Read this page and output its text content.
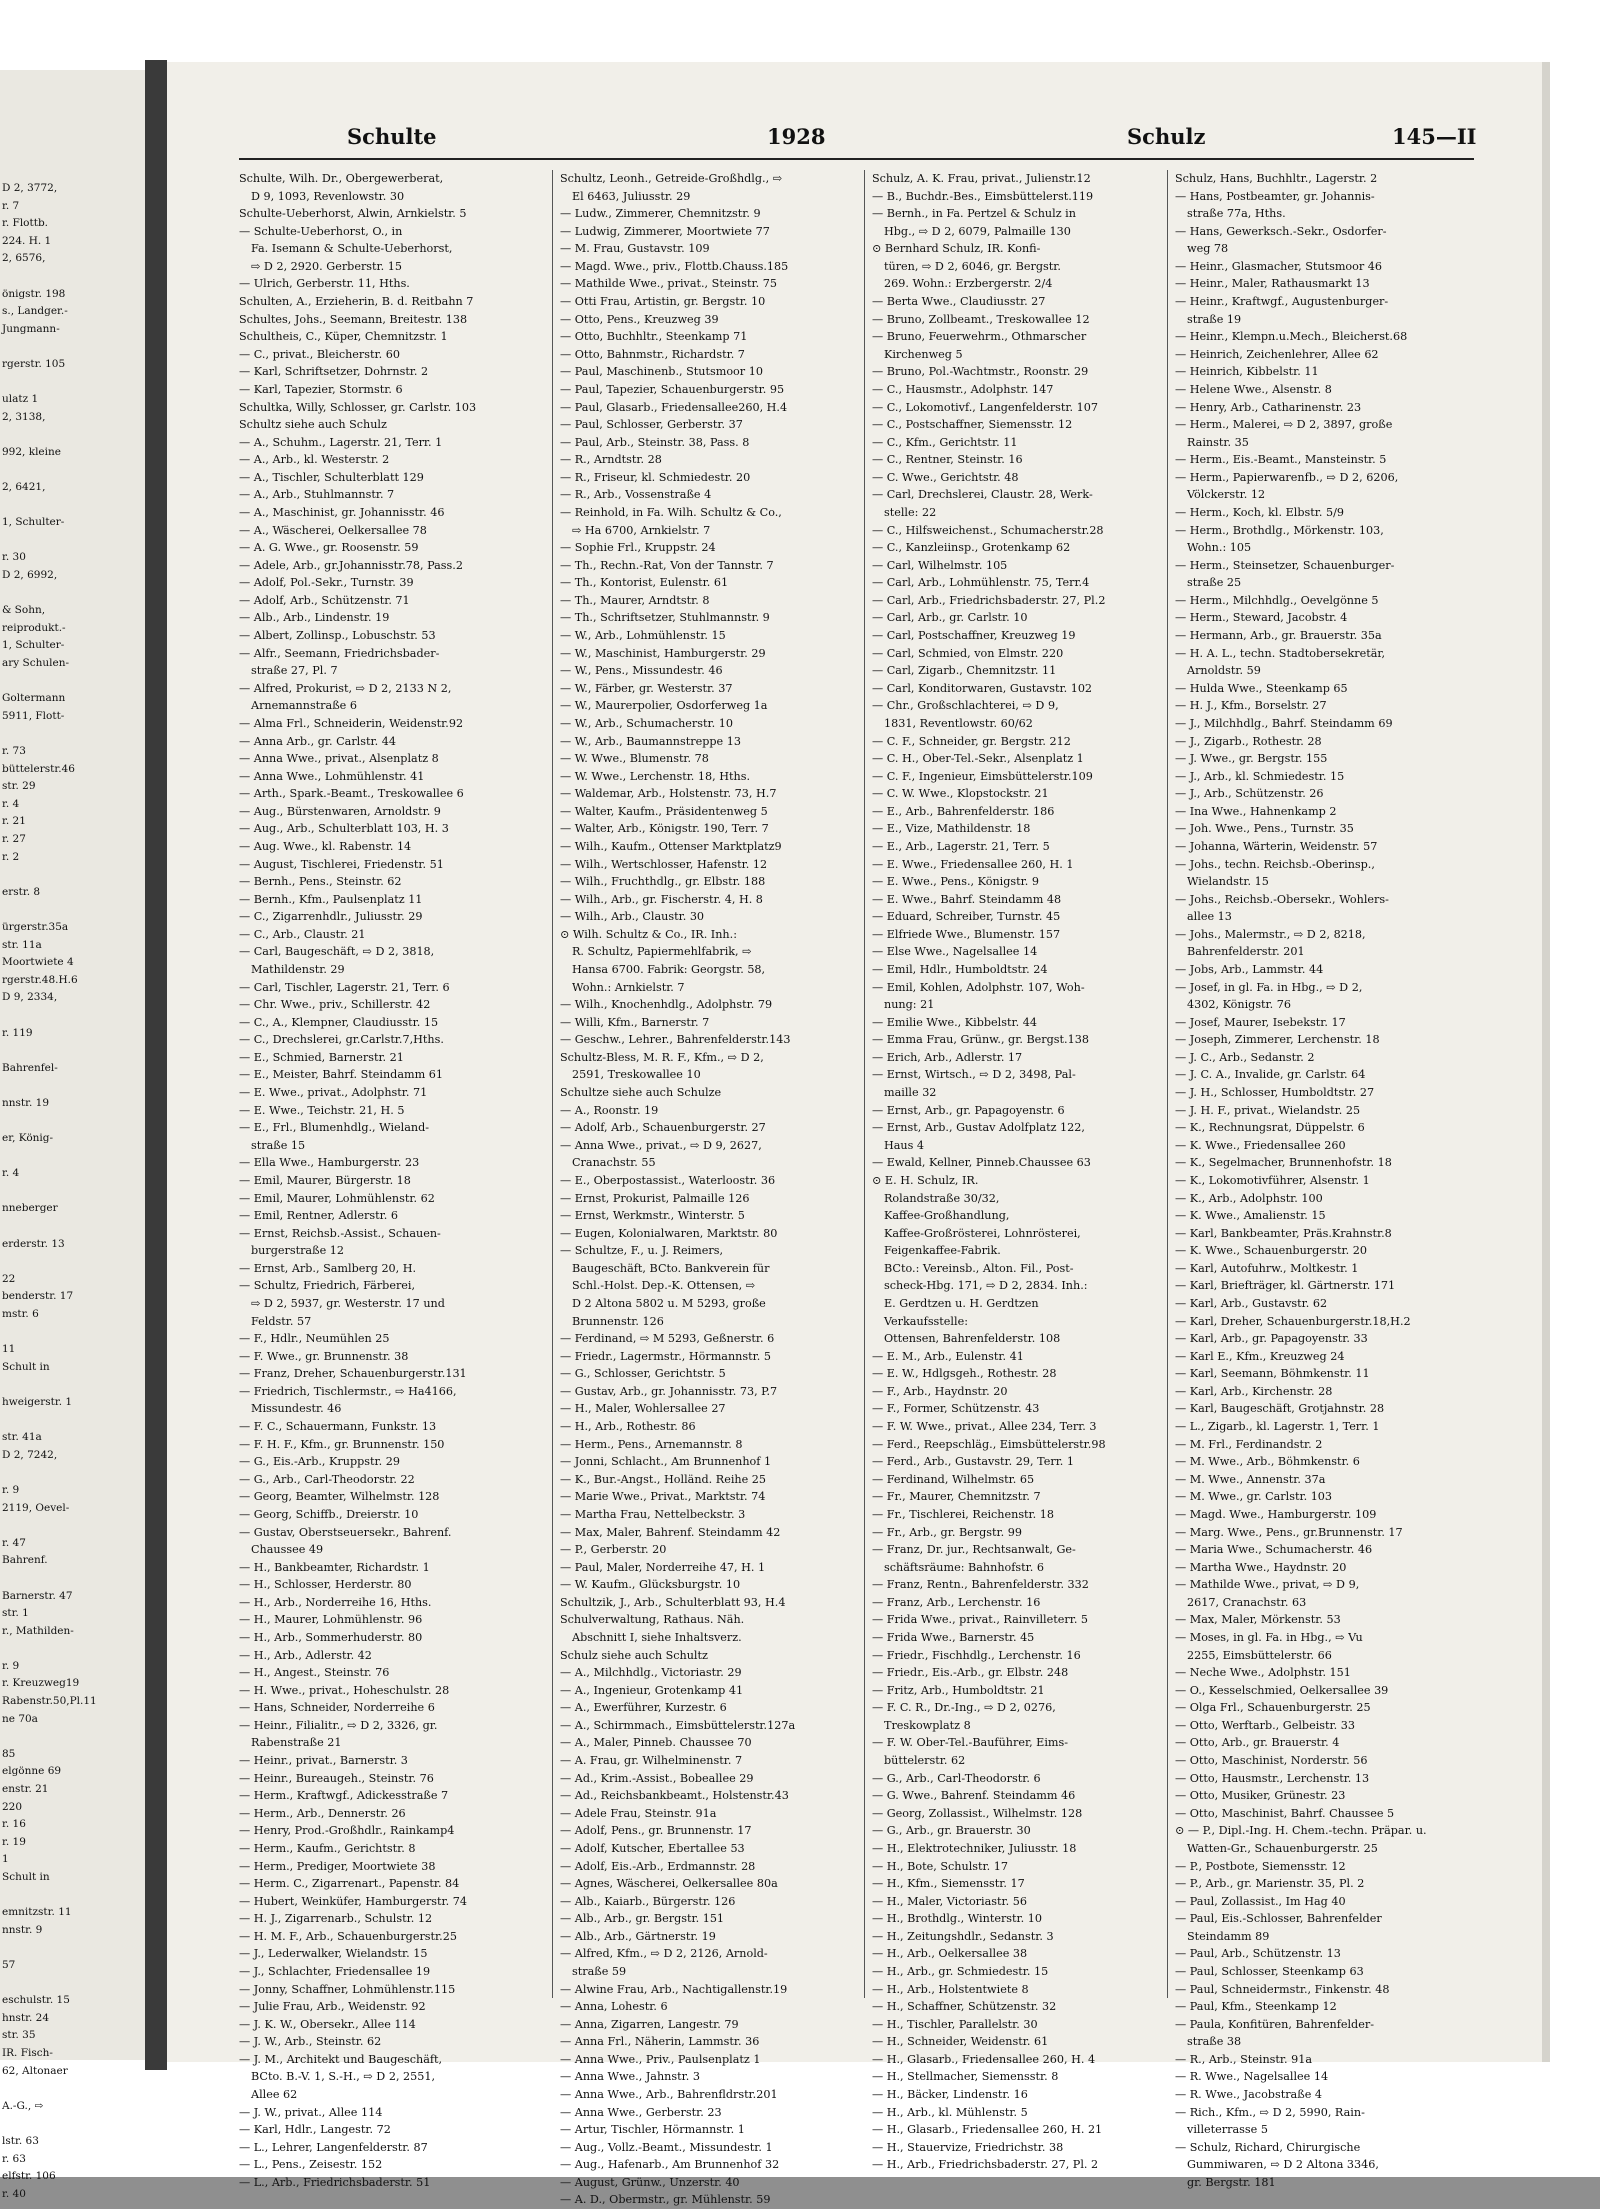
D 2, 3772,
r. 7
r. Flottb.
224. H. 1
2, 6576,
önigstr. 198
s., Landger.-
Jungmann-
rgerstr. 105
ulatz 1
2, 3138,
992, kleine
2, 6421,
1, Schulter-
r. 30
D 2, 6992,
& Sohn,
reiprodukt.-
1, Schulter-
ary Schulen-
Goltermann
5911, Flott-
r. 73
büttelerstr.46
str. 29
r. 4
r. 21
r. 27
r. 2
erstr. 8
ürgerstr.35a
str. 11a
Moortwiete 4
rgerstr.48.H.6
D 9, 2334,
r. 119
Bahrenfel-
nnstr. 19
er, König-
r. 4
nneberger
erderstr. 13
22
benderstr. 17
mstr. 6
11
Schult in
hweigerstr. 1
str. 41a
D 2, 7242,
r. 9
2119, Oevel-
r. 47
Bahrenf.
Barnerstr. 47
str. 1
r., Mathilden-
r. 9
r. Kreuzweg19
Rabenstr.50,Pl.11
ne 70a
85
elgönne 69
enstr. 21
220
r. 16
r. 19
1
Schult in
emnitzstr. 11
nnstr. 9
57
eschulstr. 15
hnstr. 24
str. 35
IR. Fisch-
62, Altonaer
A.-G., ⇨
lstr. 63
r. 63
elfstr. 106
r. 40
Schulte	1928	Schulz	145—II
Schulte, Wilh. Dr., Obergewerberat,
D 9, 1093, Revenlowstr. 30
Schulte-Ueberhorst, Alwin, Arnkielstr. 5
— Schulte-Ueberhorst, O., in
Fa. Isemann & Schulte-Ueberhorst,
⇨ D 2, 2920. Gerberstr. 15
— Ulrich, Gerberstr. 11, Hths.
Schulten, A., Erzieherin, B. d. Reitbahn 7
Schultes, Johs., Seemann, Breitestr. 138
Schultheis, C., Küper, Chemnitzstr. 1
— C., privat., Bleicherstr. 60
— Karl, Schriftsetzer, Dohrnstr. 2
— Karl, Tapezier, Stormstr. 6
Schultka, Willy, Schlosser, gr. Carlstr. 103
Schultz siehe auch Schulz
— A., Schuhm., Lagerstr. 21, Terr. 1
— A., Arb., kl. Westerstr. 2
— A., Tischler, Schulterblatt 129
— A., Arb., Stuhlmannstr. 7
— A., Maschinist, gr. Johannisstr. 46
— A., Wäscherei, Oelkersallee 78
— A. G. Wwe., gr. Roosenstr. 59
— Adele, Arb., gr.Johannisstr.78, Pass.2
— Adolf, Pol.-Sekr., Turnstr. 39
— Adolf, Arb., Schützenstr. 71
— Alb., Arb., Lindenstr. 19
— Albert, Zollinsp., Lobuschstr. 53
— Alfr., Seemann, Friedrichsbader-
straße 27, Pl. 7
— Alfred, Prokurist, ⇨ D 2, 2133 N 2,
Arnemannstraße 6
— Alma Frl., Schneiderin, Weidenstr.92
— Anna Arb., gr. Carlstr. 44
— Anna Wwe., privat., Alsenplatz 8
— Anna Wwe., Lohmühlenstr. 41
— Arth., Spark.-Beamt., Treskowallee 6
— Aug., Bürstenwaren, Arnoldstr. 9
— Aug., Arb., Schulterblatt 103, H. 3
— Aug. Wwe., kl. Rabenstr. 14
— August, Tischlerei, Friedenstr. 51
— Bernh., Pens., Steinstr. 62
— Bernh., Kfm., Paulsenplatz 11
— C., Zigarrenhdlr., Juliusstr. 29
— C., Arb., Claustr. 21
— Carl, Baugeschäft, ⇨ D 2, 3818,
Mathildenstr. 29
— Carl, Tischler, Lagerstr. 21, Terr. 6
— Chr. Wwe., priv., Schillerstr. 42
— C., A., Klempner, Claudiusstr. 15
— C., Drechslerei, gr.Carlstr.7,Hths.
— E., Schmied, Barnerstr. 21
— E., Meister, Bahrf. Steindamm 61
— E. Wwe., privat., Adolphstr. 71
— E. Wwe., Teichstr. 21, H. 5
— E., Frl., Blumenhdlg., Wieland-
straße 15
— Ella Wwe., Hamburgerstr. 23
— Emil, Maurer, Bürgerstr. 18
— Emil, Maurer, Lohmühlenstr. 62
— Emil, Rentner, Adlerstr. 6
— Ernst, Reichsb.-Assist., Schauen-
burgerstraße 12
— Ernst, Arb., Samlberg 20, H.
— Schultz, Friedrich, Färberei,
⇨ D 2, 5937, gr. Westerstr. 17 und
Feldstr. 57
— F., Hdlr., Neumühlen 25
— F. Wwe., gr. Brunnenstr. 38
— Franz, Dreher, Schauenburgerstr.131
— Friedrich, Tischlermstr., ⇨ Ha4166,
Missundestr. 46
— F. C., Schauermann, Funkstr. 13
— F. H. F., Kfm., gr. Brunnenstr. 150
— G., Eis.-Arb., Kruppstr. 29
— G., Arb., Carl-Theodorstr. 22
— Georg, Beamter, Wilhelmstr. 128
— Georg, Schiffb., Dreierstr. 10
— Gustav, Oberstseuersekr., Bahrenf.
Chaussee 49
— H., Bankbeamter, Richardstr. 1
— H., Schlosser, Herderstr. 80
— H., Arb., Norderreihe 16, Hths.
— H., Maurer, Lohmühlenstr. 96
— H., Arb., Sommerhuderstr. 80
— H., Arb., Adlerstr. 42
— H., Angest., Steinstr. 76
— H. Wwe., privat., Hoheschulstr. 28
— Hans, Schneider, Norderreihe 6
— Heinr., Filialitr., ⇨ D 2, 3326, gr.
Rabenstraße 21
— Heinr., privat., Barnerstr. 3
— Heinr., Bureaugeh., Steinstr. 76
— Herm., Kraftwgf., Adickesstraße 7
— Herm., Arb., Dennerstr. 26
— Henry, Prod.-Großhdlr., Rainkamp4
— Herm., Kaufm., Gerichtstr. 8
— Herm., Prediger, Moortwiete 38
— Herm. C., Zigarrenart., Papenstr. 84
— Hubert, Weinküfer, Hamburgerstr. 74
— H. J., Zigarrenarb., Schulstr. 12
— H. M. F., Arb., Schauenburgerstr.25
— J., Lederwalker, Wielandstr. 15
— J., Schlachter, Friedensallee 19
— Jonny, Schaffner, Lohmühlenstr.115
— Julie Frau, Arb., Weidenstr. 92
— J. K. W., Obersekr., Allee 114
— J. W., Arb., Steinstr. 62
— J. M., Architekt und Baugeschäft,
BCto. B.-V. 1, S.-H., ⇨ D 2, 2551,
Allee 62
— J. W., privat., Allee 114
— Karl, Hdlr., Langestr. 72
— L., Lehrer, Langenfelderstr. 87
— L., Pens., Zeisestr. 152
— L., Arb., Friedrichsbaderstr. 51
Schultz, Leonh., Getreide-Großhdlg., ⇨
El 6463, Juliusstr. 29
— Ludw., Zimmerer, Chemnitzstr. 9
— Ludwig, Zimmerer, Moortwiete 77
— M. Frau, Gustavstr. 109
— Magd. Wwe., priv., Flottb.Chauss.185
— Mathilde Wwe., privat., Steinstr. 75
— Otti Frau, Artistin, gr. Bergstr. 10
— Otto, Pens., Kreuzweg 39
— Otto, Buchhltr., Steenkamp 71
— Otto, Bahnmstr., Richardstr. 7
— Paul, Maschinenb., Stutsmoor 10
— Paul, Tapezier, Schauenburgerstr. 95
— Paul, Glasarb., Friedensallee260, H.4
— Paul, Schlosser, Gerberstr. 37
— Paul, Arb., Steinstr. 38, Pass. 8
— R., Arndtstr. 28
— R., Friseur, kl. Schmiedestr. 20
— R., Arb., Vossenstraße 4
— Reinhold, in Fa. Wilh. Schultz & Co.,
⇨ Ha 6700, Arnkielstr. 7
— Sophie Frl., Kruppstr. 24
— Th., Rechn.-Rat, Von der Tannstr. 7
— Th., Kontorist, Eulenstr. 61
— Th., Maurer, Arndtstr. 8
— Th., Schriftsetzer, Stuhlmannstr. 9
— W., Arb., Lohmühlenstr. 15
— W., Maschinist, Hamburgerstr. 29
— W., Pens., Missundestr. 46
— W., Färber, gr. Westerstr. 37
— W., Maurerpolier, Osdorferweg 1a
— W., Arb., Schumacherstr. 10
— W., Arb., Baumannstreppe 13
— W. Wwe., Blumenstr. 78
— W. Wwe., Lerchenstr. 18, Hths.
— Waldemar, Arb., Holstenstr. 73, H.7
— Walter, Kaufm., Präsidentenweg 5
— Walter, Arb., Königstr. 190, Terr. 7
— Wilh., Kaufm., Ottenser Marktplatz9
— Wilh., Wertschlosser, Hafenstr. 12
— Wilh., Fruchthdlg., gr. Elbstr. 188
— Wilh., Arb., gr. Fischerstr. 4, H. 8
— Wilh., Arb., Claustr. 30
⊙ Wilh. Schultz & Co., IR. Inh.:
R. Schultz, Papiermehlfabrik, ⇨
Hansa 6700. Fabrik: Georgstr. 58,
Wohn.: Arnkielstr. 7
— Wilh., Knochenhdlg., Adolphstr. 79
— Willi, Kfm., Barnerstr. 7
— Geschw., Lehrer., Bahrenfelderstr.143
Schultz-Bless, M. R. F., Kfm., ⇨ D 2,
2591, Treskowallee 10
Schultze siehe auch Schulze
— A., Roonstr. 19
— Adolf, Arb., Schauenburgerstr. 27
— Anna Wwe., privat., ⇨ D 9, 2627,
Cranachstr. 55
— E., Oberpostassist., Waterloostr. 36
— Ernst, Prokurist, Palmaille 126
— Ernst, Werkmstr., Winterstr. 5
— Eugen, Kolonialwaren, Marktstr. 80
— Schultze, F., u. J. Reimers,
Baugeschäft, BCto. Bankverein für
Schl.-Holst. Dep.-K. Ottensen, ⇨
D 2 Altona 5802 u. M 5293, große
Brunnenstr. 126
— Ferdinand, ⇨ M 5293, Geßnerstr. 6
— Friedr., Lagermstr., Hörmannstr. 5
— G., Schlosser, Gerichtstr. 5
— Gustav, Arb., gr. Johannisstr. 73, P.7
— H., Maler, Wohlersallee 27
— H., Arb., Rothestr. 86
— Herm., Pens., Arnemannstr. 8
— Jonni, Schlacht., Am Brunnenhof 1
— K., Bur.-Angst., Holländ. Reihe 25
— Marie Wwe., Privat., Marktstr. 74
— Martha Frau, Nettelbeckstr. 3
— Max, Maler, Bahrenf. Steindamm 42
— P., Gerberstr. 20
— Paul, Maler, Norderreihe 47, H. 1
— W. Kaufm., Glücksburgstr. 10
Schultzik, J., Arb., Schulterblatt 93, H.4
Schulverwaltung, Rathaus. Näh.
Abschnitt I, siehe Inhaltsverz.
Schulz siehe auch Schultz
— A., Milchhdlg., Victoriastr. 29
— A., Ingenieur, Grotenkamp 41
— A., Ewerführer, Kurzestr. 6
— A., Schirmmach., Eimsbüttelerstr.127a
— A., Maler, Pinneb. Chaussee 70
— A. Frau, gr. Wilhelminenstr. 7
— Ad., Krim.-Assist., Bobeallee 29
— Ad., Reichsbankbeamt., Holstenstr.43
— Adele Frau, Steinstr. 91a
— Adolf, Pens., gr. Brunnenstr. 17
— Adolf, Kutscher, Ebertallee 53
— Adolf, Eis.-Arb., Erdmannstr. 28
— Agnes, Wäscherei, Oelkersallee 80a
— Alb., Kaiarb., Bürgerstr. 126
— Alb., Arb., gr. Bergstr. 151
— Alb., Arb., Gärtnerstr. 19
— Alfred, Kfm., ⇨ D 2, 2126, Arnold-
straße 59
— Alwine Frau, Arb., Nachtigallenstr.19
— Anna, Lohestr. 6
— Anna, Zigarren, Langestr. 79
— Anna Frl., Näherin, Lammstr. 36
— Anna Wwe., Priv., Paulsenplatz 1
— Anna Wwe., Jahnstr. 3
— Anna Wwe., Arb., Bahrenfldrstr.201
— Anna Wwe., Gerberstr. 23
— Artur, Tischler, Hörmannstr. 1
— Aug., Vollz.-Beamt., Missundestr. 1
— Aug., Hafenarb., Am Brunnenhof 32
— August, Grünw., Unzerstr. 40
— A. D., Obermstr., gr. Mühlenstr. 59
Schulz, A. K. Frau, privat., Julienstr.12
— B., Buchdr.-Bes., Eimsbüttelerst.119
— Bernh., in Fa. Pertzel & Schulz in
Hbg., ⇨ D 2, 6079, Palmaille 130
⊙ Bernhard Schulz, IR. Konfi-
türen, ⇨ D 2, 6046, gr. Bergstr.
269. Wohn.: Erzbergerstr. 2/4
— Berta Wwe., Claudiusstr. 27
— Bruno, Zollbeamt., Treskowallee 12
— Bruno, Feuerwehrm., Othmarscher
Kirchenweg 5
— Bruno, Pol.-Wachtmstr., Roonstr. 29
— C., Hausmstr., Adolphstr. 147
— C., Lokomotivf., Langenfelderstr. 107
— C., Postschaffner, Siemensstr. 12
— C., Kfm., Gerichtstr. 11
— C., Rentner, Steinstr. 16
— C. Wwe., Gerichtstr. 48
— Carl, Drechslerei, Claustr. 28, Werk-
stelle: 22
— C., Hilfsweichenst., Schumacherstr.28
— C., Kanzleiinsp., Grotenkamp 62
— Carl, Wilhelmstr. 105
— Carl, Arb., Lohmühlenstr. 75, Terr.4
— Carl, Arb., Friedrichsbaderstr. 27, Pl.2
— Carl, Arb., gr. Carlstr. 10
— Carl, Postschaffner, Kreuzweg 19
— Carl, Schmied, von Elmstr. 220
— Carl, Zigarb., Chemnitzstr. 11
— Carl, Konditorwaren, Gustavstr. 102
— Chr., Großschlachterei, ⇨ D 9,
1831, Reventlowstr. 60/62
— C. F., Schneider, gr. Bergstr. 212
— C. H., Ober-Tel.-Sekr., Alsenplatz 1
— C. F., Ingenieur, Eimsbüttelerstr.109
— C. W. Wwe., Klopstockstr. 21
— E., Arb., Bahrenfelderstr. 186
— E., Vize, Mathildenstr. 18
— E., Arb., Lagerstr. 21, Terr. 5
— E. Wwe., Friedensallee 260, H. 1
— E. Wwe., Pens., Königstr. 9
— E. Wwe., Bahrf. Steindamm 48
— Eduard, Schreiber, Turnstr. 45
— Elfriede Wwe., Blumenstr. 157
— Else Wwe., Nagelsallee 14
— Emil, Hdlr., Humboldtstr. 24
— Emil, Kohlen, Adolphstr. 107, Woh-
nung: 21
— Emilie Wwe., Kibbelstr. 44
— Emma Frau, Grünw., gr. Bergst.138
— Erich, Arb., Adlerstr. 17
— Ernst, Wirtsch., ⇨ D 2, 3498, Pal-
maille 32
— Ernst, Arb., gr. Papagoyenstr. 6
— Ernst, Arb., Gustav Adolfplatz 122,
Haus 4
— Ewald, Kellner, Pinneb.Chaussee 63
⊙ E. H. Schulz, IR.
Rolandstraße 30/32,
Kaffee-Großhandlung,
Kaffee-Großrösterei, Lohnrösterei,
Feigenkaffee-Fabrik.
BCto.: Vereinsb., Alton. Fil., Post-
scheck-Hbg. 171, ⇨ D 2, 2834. Inh.:
E. Gerdtzen u. H. Gerdtzen
Verkaufsstelle:
Ottensen, Bahrenfelderstr. 108
— E. M., Arb., Eulenstr. 41
— E. W., Hdlgsgeh., Rothestr. 28
— F., Arb., Haydnstr. 20
— F., Former, Schützenstr. 43
— F. W. Wwe., privat., Allee 234, Terr. 3
— Ferd., Reepschläg., Eimsbüttelerstr.98
— Ferd., Arb., Gustavstr. 29, Terr. 1
— Ferdinand, Wilhelmstr. 65
— Fr., Maurer, Chemnitzstr. 7
— Fr., Tischlerei, Reichenstr. 18
— Fr., Arb., gr. Bergstr. 99
— Franz, Dr. jur., Rechtsanwalt, Ge-
schäftsräume: Bahnhofstr. 6
— Franz, Rentn., Bahrenfelderstr. 332
— Franz, Arb., Lerchenstr. 16
— Frida Wwe., privat., Rainvilleterr. 5
— Frida Wwe., Barnerstr. 45
— Friedr., Fischhdlg., Lerchenstr. 16
— Friedr., Eis.-Arb., gr. Elbstr. 248
— Fritz, Arb., Humboldtstr. 21
— F. C. R., Dr.-Ing., ⇨ D 2, 0276,
Treskowplatz 8
— F. W. Ober-Tel.-Bauführer, Eims-
büttelerstr. 62
— G., Arb., Carl-Theodorstr. 6
— G. Wwe., Bahrenf. Steindamm 46
— Georg, Zollassist., Wilhelmstr. 128
— G., Arb., gr. Brauerstr. 30
— H., Elektrotechniker, Juliusstr. 18
— H., Bote, Schulstr. 17
— H., Kfm., Siemensstr. 17
— H., Maler, Victoriastr. 56
— H., Brothdlg., Winterstr. 10
— H., Zeitungshdlr., Sedanstr. 3
— H., Arb., Oelkersallee 38
— H., Arb., gr. Schmiedestr. 15
— H., Arb., Holstentwiete 8
— H., Schaffner, Schützenstr. 32
— H., Tischler, Parallelstr. 30
— H., Schneider, Weidenstr. 61
— H., Glasarb., Friedensallee 260, H. 4
— H., Stellmacher, Siemensstr. 8
— H., Bäcker, Lindenstr. 16
— H., Arb., kl. Mühlenstr. 5
— H., Glasarb., Friedensallee 260, H. 21
— H., Stauervize, Friedrichstr. 38
— H., Arb., Friedrichsbaderstr. 27, Pl. 2
Schulz, Hans, Buchhltr., Lagerstr. 2
— Hans, Postbeamter, gr. Johannis-
straße 77a, Hths.
— Hans, Gewerksch.-Sekr., Osdorfer-
weg 78
— Heinr., Glasmacher, Stutsmoor 46
— Heinr., Maler, Rathausmarkt 13
— Heinr., Kraftwgf., Augustenburger-
straße 19
— Heinr., Klempn.u.Mech., Bleicherst.68
— Heinrich, Zeichenlehrer, Allee 62
— Heinrich, Kibbelstr. 11
— Helene Wwe., Alsenstr. 8
— Henry, Arb., Catharinenstr. 23
— Herm., Malerei, ⇨ D 2, 3897, große
Rainstr. 35
— Herm., Eis.-Beamt., Mansteinstr. 5
— Herm., Papierwarenfb., ⇨ D 2, 6206,
Völckerstr. 12
— Herm., Koch, kl. Elbstr. 5/9
— Herm., Brothdlg., Mörkenstr. 103,
Wohn.: 105
— Herm., Steinsetzer, Schauenburger-
straße 25
— Herm., Milchhdlg., Oevelgönne 5
— Herm., Steward, Jacobstr. 4
— Hermann, Arb., gr. Brauerstr. 35a
— H. A. L., techn. Stadtobersekretär,
Arnoldstr. 59
— Hulda Wwe., Steenkamp 65
— H. J., Kfm., Borselstr. 27
— J., Milchhdlg., Bahrf. Steindamm 69
— J., Zigarb., Rothestr. 28
— J. Wwe., gr. Bergstr. 155
— J., Arb., kl. Schmiedestr. 15
— J., Arb., Schützenstr. 26
— Ina Wwe., Hahnenkamp 2
— Joh. Wwe., Pens., Turnstr. 35
— Johanna, Wärterin, Weidenstr. 57
— Johs., techn. Reichsb.-Oberinsp.,
Wielandstr. 15
— Johs., Reichsb.-Obersekr., Wohlers-
allee 13
— Johs., Malermstr., ⇨ D 2, 8218,
Bahrenfelderstr. 201
— Jobs, Arb., Lammstr. 44
— Josef, in gl. Fa. in Hbg., ⇨ D 2,
4302, Königstr. 76
— Josef, Maurer, Isebekstr. 17
— Joseph, Zimmerer, Lerchenstr. 18
— J. C., Arb., Sedanstr. 2
— J. C. A., Invalide, gr. Carlstr. 64
— J. H., Schlosser, Humboldtstr. 27
— J. H. F., privat., Wielandstr. 25
— K., Rechnungsrat, Düppelstr. 6
— K. Wwe., Friedensallee 260
— K., Segelmacher, Brunnenhofstr. 18
— K., Lokomotivführer, Alsenstr. 1
— K., Arb., Adolphstr. 100
— K. Wwe., Amalienstr. 15
— Karl, Bankbeamter, Präs.Krahnstr.8
— K. Wwe., Schauenburgerstr. 20
— Karl, Autofuhrw., Moltkestr. 1
— Karl, Briefträger, kl. Gärtnerstr. 171
— Karl, Arb., Gustavstr. 62
— Karl, Dreher, Schauenburgerstr.18,H.2
— Karl, Arb., gr. Papagoyenstr. 33
— Karl E., Kfm., Kreuzweg 24
— Karl, Seemann, Böhmkenstr. 11
— Karl, Arb., Kirchenstr. 28
— Karl, Baugeschäft, Grotjahnstr. 28
— L., Zigarb., kl. Lagerstr. 1, Terr. 1
— M. Frl., Ferdinandstr. 2
— M. Wwe., Arb., Böhmkenstr. 6
— M. Wwe., Annenstr. 37a
— M. Wwe., gr. Carlstr. 103
— Magd. Wwe., Hamburgerstr. 109
— Marg. Wwe., Pens., gr.Brunnenstr. 17
— Maria Wwe., Schumacherstr. 46
— Martha Wwe., Haydnstr. 20
— Mathilde Wwe., privat, ⇨ D 9,
2617, Cranachstr. 63
— Max, Maler, Mörkenstr. 53
— Moses, in gl. Fa. in Hbg., ⇨ Vu
2255, Eimsbüttelerstr. 66
— Neche Wwe., Adolphstr. 151
— O., Kesselschmied, Oelkersallee 39
— Olga Frl., Schauenburgerstr. 25
— Otto, Werftarb., Gelbeistr. 33
— Otto, Arb., gr. Brauerstr. 4
— Otto, Maschinist, Norderstr. 56
— Otto, Hausmstr., Lerchenstr. 13
— Otto, Musiker, Grünestr. 23
— Otto, Maschinist, Bahrf. Chaussee 5
⊙ — P., Dipl.-Ing. H. Chem.-techn. Präpar. u.
Watten-Gr., Schauenburgerstr. 25
— P., Postbote, Siemensstr. 12
— P., Arb., gr. Marienstr. 35, Pl. 2
— Paul, Zollassist., Im Hag 40
— Paul, Eis.-Schlosser, Bahrenfelder
Steindamm 89
— Paul, Arb., Schützenstr. 13
— Paul, Schlosser, Steenkamp 63
— Paul, Schneidermstr., Finkenstr. 48
— Paul, Kfm., Steenkamp 12
— Paula, Konfitüren, Bahrenfelder-
straße 38
— R., Arb., Steinstr. 91a
— R. Wwe., Nagelsallee 14
— R. Wwe., Jacobstraße 4
— Rich., Kfm., ⇨ D 2, 5990, Rain-
villeterrasse 5
— Schulz, Richard, Chirurgische
Gummiwaren, ⇨ D 2 Altona 3346,
gr. Bergstr. 181
